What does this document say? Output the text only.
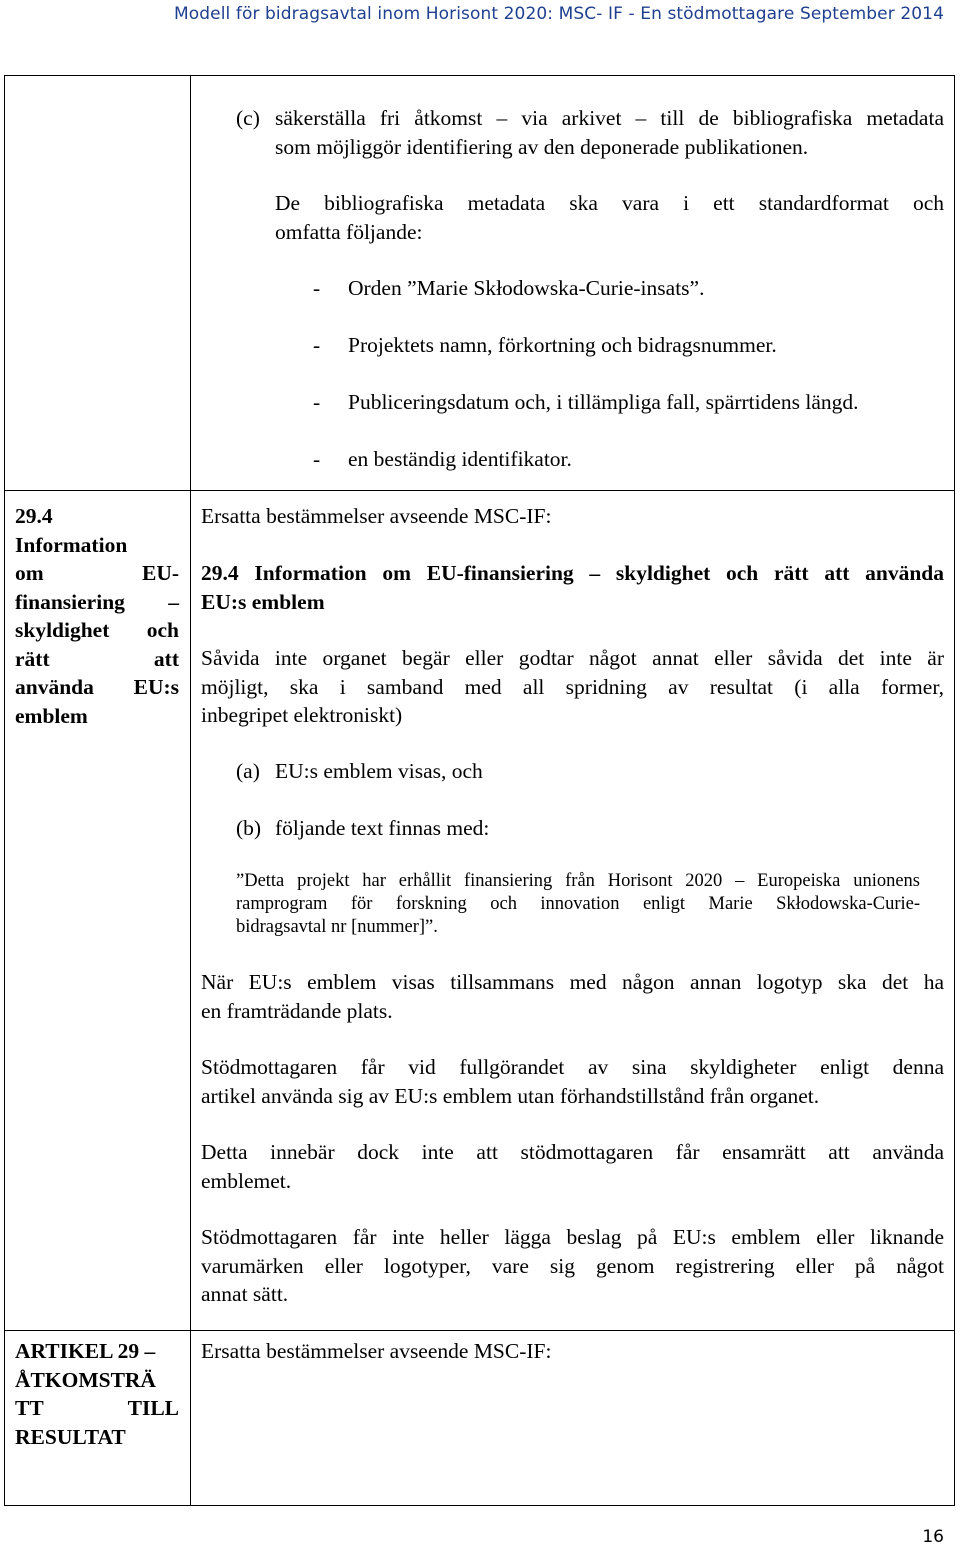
Modell för bidragsavtal inom Horisont 2020: MSC- IF - En stödmottagare September 2014
(c) säkerställa fri åtkomst – via arkivet – till de bibliografiska metadata
som möjliggör identifiering av den deponerade publikationen.
De bibliografiska metadata ska vara i ett standardformat och
omfatta följande:
- Orden ”Marie Skłodowska-Curie-insats”.
- Projektets namn, förkortning och bidragsnummer.
- Publiceringsdatum och, i tillämpliga fall, spärrtidens längd.
- en beständig identifikator.
29.4
Information
om EU-
finansiering –
skyldighet och
rätt att
använda EU:s
emblem
Ersatta bestämmelser avseende MSC-IF:
29.4 Information om EU-finansiering – skyldighet och rätt att använda
EU:s emblem
Såvida inte organet begär eller godtar något annat eller såvida det inte är
möjligt, ska i samband med all spridning av resultat (i alla former,
inbegripet elektroniskt)
(a) EU:s emblem visas, och
(b) följande text finnas med:
”Detta projekt har erhållit finansiering från Horisont 2020 – Europeiska unionens
ramprogram för forskning och innovation enligt Marie Skłodowska-Curie-
bidragsavtal nr [nummer]”.
När EU:s emblem visas tillsammans med någon annan logotyp ska det ha
en framträdande plats.
Stödmottagaren får vid fullgörandet av sina skyldigheter enligt denna
artikel använda sig av EU:s emblem utan förhandstillstånd från organet.
Detta innebär dock inte att stödmottagaren får ensamrätt att använda
emblemet.
Stödmottagaren får inte heller lägga beslag på EU:s emblem eller liknande
varumärken eller logotyper, vare sig genom registrering eller på något
annat sätt.
ARTIKEL 29 –
ÅTKOMSTRÄ
TT TILL
RESULTAT
Ersatta bestämmelser avseende MSC-IF:
16
